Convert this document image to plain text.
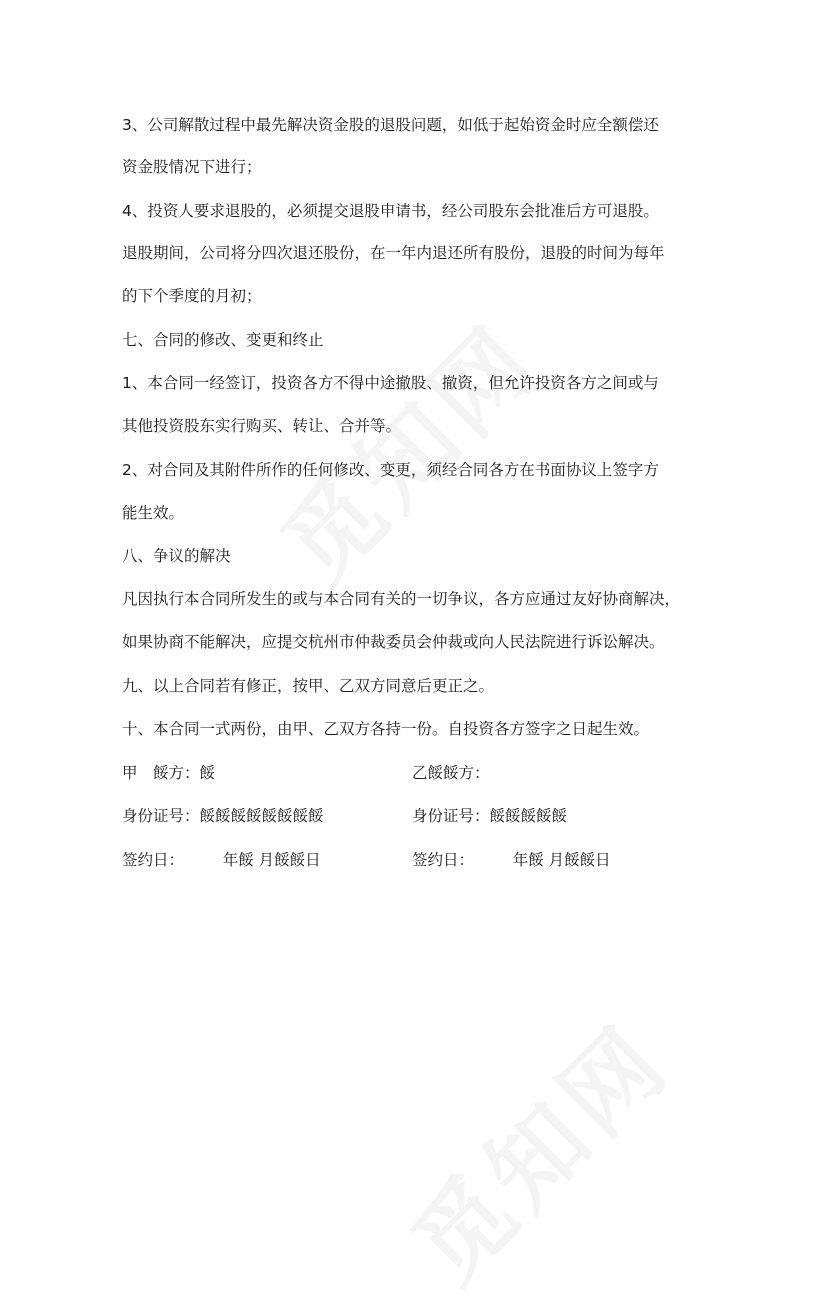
3、公司解散过程中最先解决资金股的退股问题，如低于起始资金时应全额偿还
资金股情况下进行；
4、投资人要求退股的，必须提交退股申请书，经公司股东会批准后方可退股。
退股期间，公司将分四次退还股份，在一年内退还所有股份，退股的时间为每年
的下个季度的月初；
七、合同的修改、变更和终止
1、本合同一经签订，投资各方不得中途撤股、撤资，但允许投资各方之间或与
其他投资股东实行购买、转让、合并等。
2、对合同及其附件所作的任何修改、变更，须经合同各方在书面协议上签字方
能生效。
八、争议的解决
凡因执行本合同所发生的或与本合同有关的一切争议，各方应通过友好协商解决，
如果协商不能解决，应提交杭州市仲裁委员会仲裁或向人民法院进行诉讼解决。
九、以上合同若有修正，按甲、乙双方同意后更正之。
十、本合同一式两份，由甲、乙双方各持一份。自投资各方签字之日起生效。
甲　餒方：餒	乙餒餒方：
身份证号：餒餒餒餒餒餒餒餒	身份证号：餒餒餒餒餒
签约日：　　　年餒 月餒餒日	签约日：　　　年餒 月餒餒日
